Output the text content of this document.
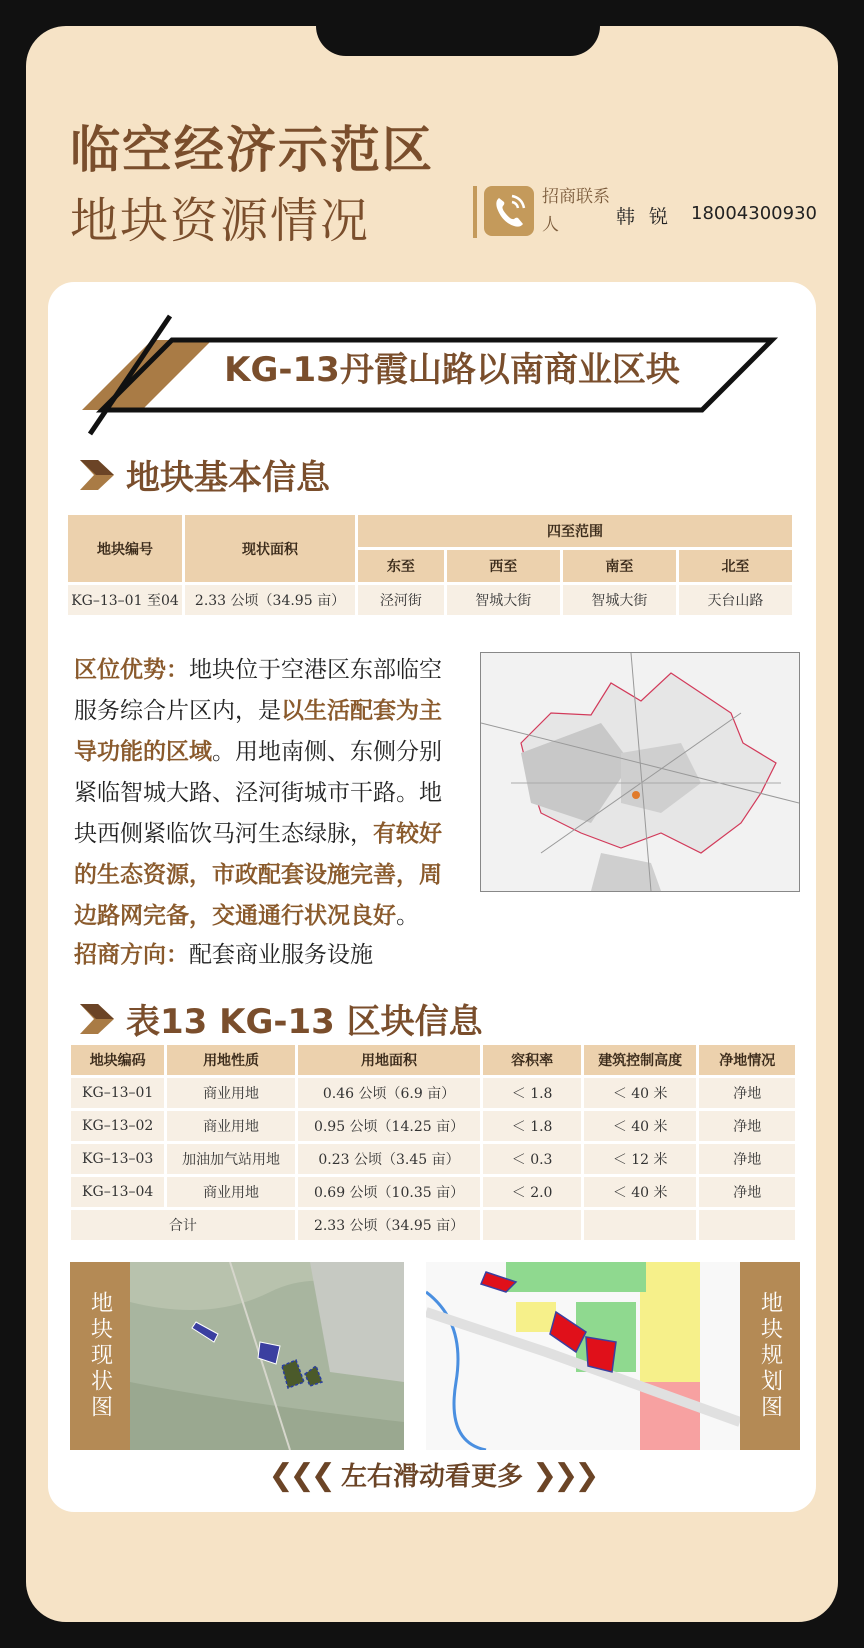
临空经济示范区
地块资源情况	招商联系人	韩 锐 18004300930
KG-13丹霞山路以南商业区块
地块基本信息
地块编号	现状面积	四至范围			
		东至	西至	南至	北至
KG–13–01 至04	2.33 公顷（34.95 亩）	泾河街	智城大街	智城大街	天台山路
区位优势：地块位于空港区东部临空服务综合片区内，是以生活配套为主导功能的区域。用地南侧、东侧分别紧临智城大路、泾河街城市干路。地块西侧紧临饮马河生态绿脉，有较好的生态资源，市政配套设施完善，周边路网完备，交通通行状况良好。
招商方向：配套商业服务设施
表13 KG-13 区块信息
地块编码	用地性质	用地面积	容积率	建筑控制高度	净地情况
KG–13–01	商业用地	0.46 公顷（6.9 亩）	＜ 1.8	＜ 40 米	净地
KG–13–02	商业用地	0.95 公顷（14.25 亩）	＜ 1.8	＜ 40 米	净地
KG–13–03	加油加气站用地	0.23 公顷（3.45 亩）	＜ 0.3	＜ 12 米	净地
KG–13–04	商业用地	0.69 公顷（10.35 亩）	＜ 2.0	＜ 40 米	净地
合计		2.33 公顷（34.95 亩）			
地块现状图	地块规划图
❮❮❮ 左右滑动看更多 ❯❯❯
